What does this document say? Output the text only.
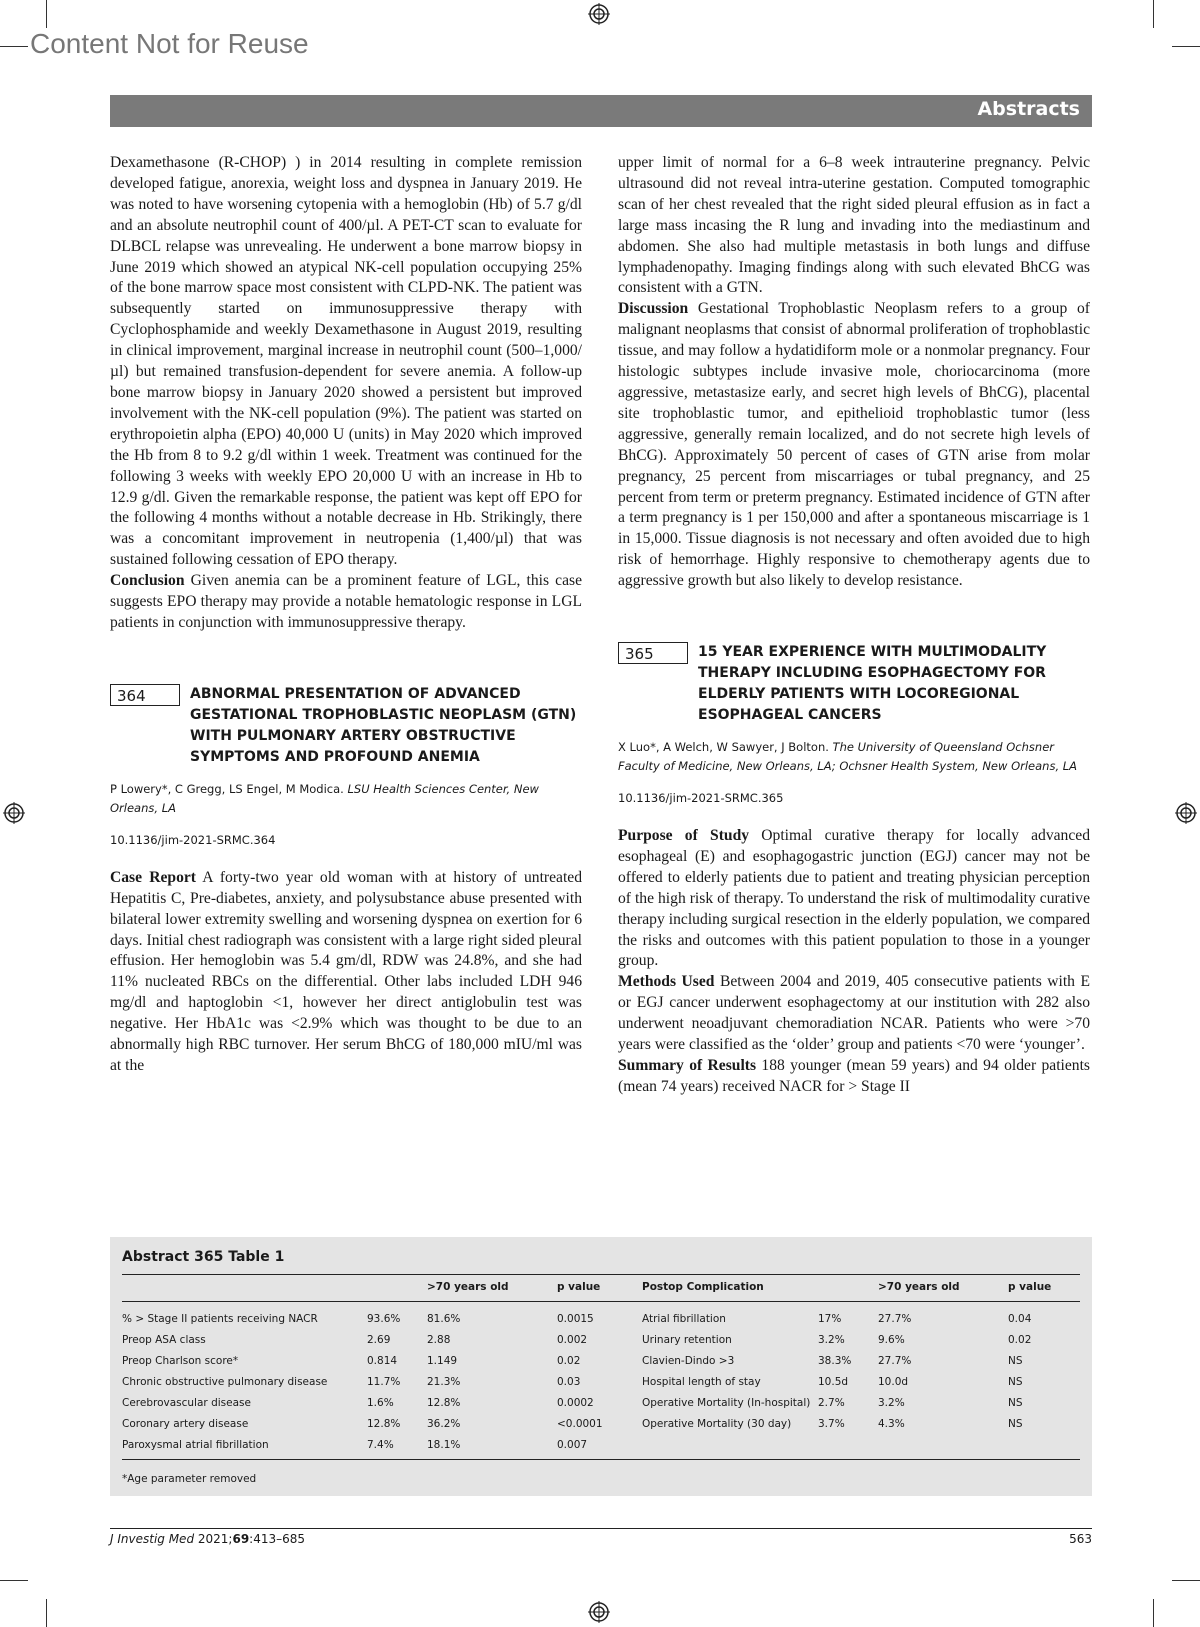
Content Not for Reuse
Abstracts

Dexamethasone (R-CHOP) ) in 2014 resulting in complete remission developed fatigue, anorexia, weight loss and dyspnea in January 2019. He was noted to have worsening cytopenia with a hemoglobin (Hb) of 5.7 g/dl and an absolute neutrophil count of 400/µl. A PET-CT scan to evaluate for DLBCL relapse was unrevealing. He underwent a bone marrow biopsy in June 2019 which showed an atypical NK-cell population occupying 25% of the bone marrow space most consistent with CLPD-NK. The patient was subsequently started on immunosuppressive therapy with Cyclophosphamide and weekly Dexamethasone in August 2019, resulting in clinical improvement, marginal increase in neutrophil count (500–1,000/µl) but remained transfusion-dependent for severe anemia. A follow-up bone marrow biopsy in January 2020 showed a persistent but improved involvement with the NK-cell population (9%). The patient was started on erythropoietin alpha (EPO) 40,000 U (units) in May 2020 which improved the Hb from 8 to 9.2 g/dl within 1 week. Treatment was continued for the following 3 weeks with weekly EPO 20,000 U with an increase in Hb to 12.9 g/dl. Given the remarkable response, the patient was kept off EPO for the following 4 months without a notable decrease in Hb. Strikingly, there was a concomitant improvement in neutropenia (1,400/µl) that was sustained following cessation of EPO therapy.

Conclusion Given anemia can be a prominent feature of LGL, this case suggests EPO therapy may provide a notable hematologic response in LGL patients in conjunction with immunosuppressive therapy.

364	ABNORMAL PRESENTATION OF ADVANCED GESTATIONAL TROPHOBLASTIC NEOPLASM (GTN) WITH PULMONARY ARTERY OBSTRUCTIVE SYMPTOMS AND PROFOUND ANEMIA
P Lowery*, C Gregg, LS Engel, M Modica. LSU Health Sciences Center, New Orleans, LA
10.1136/jim-2021-SRMC.364

Case Report A forty-two year old woman with at history of untreated Hepatitis C, Pre-diabetes, anxiety, and polysubstance abuse presented with bilateral lower extremity swelling and worsening dyspnea on exertion for 6 days. Initial chest radiograph was consistent with a large right sided pleural effusion. Her hemoglobin was 5.4 gm/dl, RDW was 24.8%, and she had 11% nucleated RBCs on the differential. Other labs included LDH 946 mg/dl and haptoglobin <1, however her direct antiglobulin test was negative. Her HbA1c was <2.9% which was thought to be due to an abnormally high RBC turnover. Her serum BhCG of 180,000 mIU/ml was at the

upper limit of normal for a 6–8 week intrauterine pregnancy. Pelvic ultrasound did not reveal intra-uterine gestation. Computed tomographic scan of her chest revealed that the right sided pleural effusion as in fact a large mass incasing the R lung and invading into the mediastinum and abdomen. She also had multiple metastasis in both lungs and diffuse lymphadenopathy. Imaging findings along with such elevated BhCG was consistent with a GTN.

Discussion Gestational Trophoblastic Neoplasm refers to a group of malignant neoplasms that consist of abnormal proliferation of trophoblastic tissue, and may follow a hydatidiform mole or a nonmolar pregnancy. Four histologic subtypes include invasive mole, choriocarcinoma (more aggressive, metastasize early, and secret high levels of BhCG), placental site trophoblastic tumor, and epithelioid trophoblastic tumor (less aggressive, generally remain localized, and do not secrete high levels of BhCG). Approximately 50 percent of cases of GTN arise from molar pregnancy, 25 percent from miscarriages or tubal pregnancy, and 25 percent from term or preterm pregnancy. Estimated incidence of GTN after a term pregnancy is 1 per 150,000 and after a spontaneous miscarriage is 1 in 15,000. Tissue diagnosis is not necessary and often avoided due to high risk of hemorrhage. Highly responsive to chemotherapy agents due to aggressive growth but also likely to develop resistance.

365	15 YEAR EXPERIENCE WITH MULTIMODALITY THERAPY INCLUDING ESOPHAGECTOMY FOR ELDERLY PATIENTS WITH LOCOREGIONAL ESOPHAGEAL CANCERS
X Luo*, A Welch, W Sawyer, J Bolton. The University of Queensland Ochsner Faculty of Medicine, New Orleans, LA; Ochsner Health System, New Orleans, LA
10.1136/jim-2021-SRMC.365

Purpose of Study Optimal curative therapy for locally advanced esophageal (E) and esophagogastric junction (EGJ) cancer may not be offered to elderly patients due to patient and treating physician perception of the high risk of therapy. To understand the risk of multimodality curative therapy including surgical resection in the elderly population, we compared the risks and outcomes with this patient population to those in a younger group.

Methods Used Between 2004 and 2019, 405 consecutive patients with E or EGJ cancer underwent esophagectomy at our institution with 282 also underwent neoadjuvant chemoradiation NCAR. Patients who were >70 years were classified as the ‘older’ group and patients <70 were ‘younger’.

Summary of Results 188 younger (mean 59 years) and 94 older patients (mean 74 years) received NACR for > Stage II

Abstract 365 Table 1
		>70 years old	p value	Postop Complication		>70 years old	p value
% > Stage II patients receiving NACR	93.6%	81.6%	0.0015	Atrial fibrillation	17%	27.7%	0.04
Preop ASA class	2.69	2.88	0.002	Urinary retention	3.2%	9.6%	0.02
Preop Charlson score*	0.814	1.149	0.02	Clavien-Dindo >3	38.3%	27.7%	NS
Chronic obstructive pulmonary disease	11.7%	21.3%	0.03	Hospital length of stay	10.5d	10.0d	NS
Cerebrovascular disease	1.6%	12.8%	0.0002	Operative Mortality (In-hospital)	2.7%	3.2%	NS
Coronary artery disease	12.8%	36.2%	<0.0001	Operative Mortality (30 day)	3.7%	4.3%	NS
Paroxysmal atrial fibrillation	7.4%	18.1%	0.007				
*Age parameter removed
J Investig Med 2021;69:413–685	563
